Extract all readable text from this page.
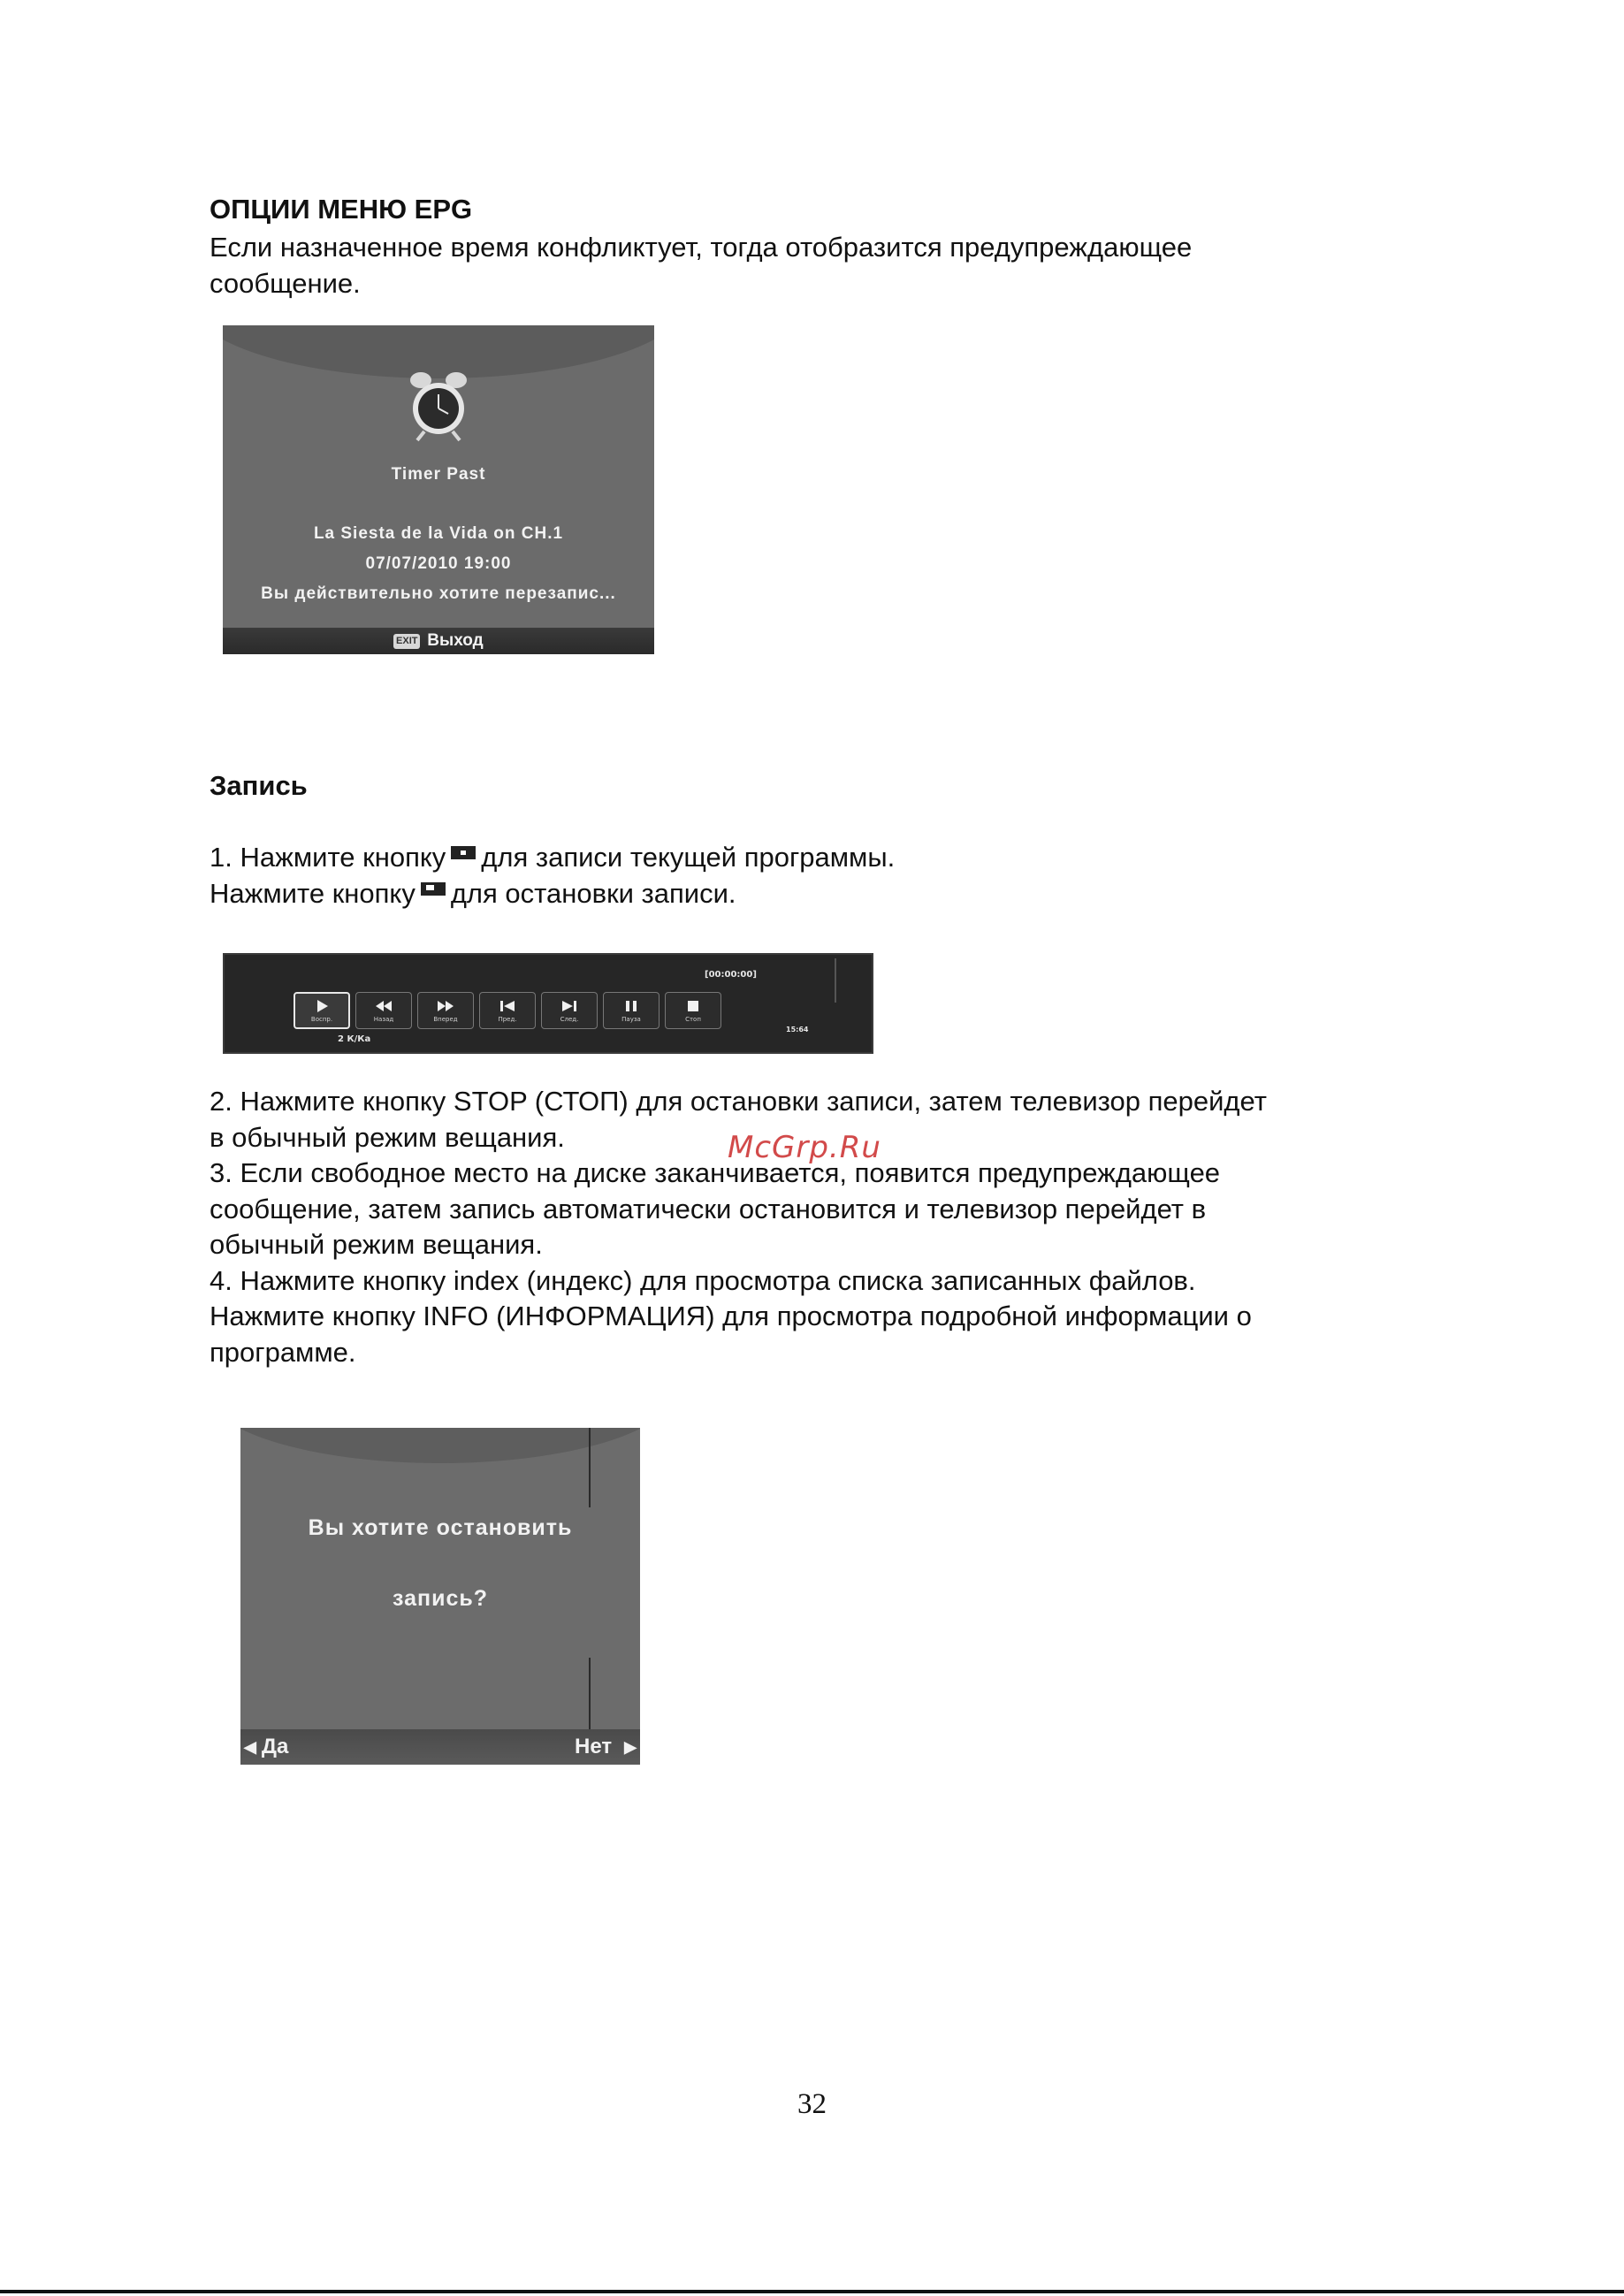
ОПЦИИ МЕНЮ EPG
Если назначенное время конфликтует, тогда отобразится предупреждающее
сообщение.
Timer Past
La Siesta de la Vida on CH.1
07/07/2010 19:00
Вы действительно хотите перезапис...
EXIT Выход
Запись
1. Нажмите кнопку для записи текущей программы.
Нажмите кнопку для остановки записи.
[00:00:00]
15:64
2 К/Ка
Воспр.	Назад	Вперед	Пред.	След.	Пауза	Стоп
2. Нажмите кнопку STOP (СТОП) для остановки записи, затем телевизор перейдет
в обычный режим вещания.
3. Если свободное место на диске заканчивается, появится предупреждающее
сообщение, затем запись автоматически остановится и телевизор перейдет в
обычный режим вещания.
4. Нажмите кнопку index (индекс) для просмотра списка записанных файлов.
Нажмите кнопку INFO (ИНФОРМАЦИЯ) для просмотра подробной информации о
программе.
McGrp.Ru
Вы хотите остановить
запись?
◀ Да	Нет ▶
32
